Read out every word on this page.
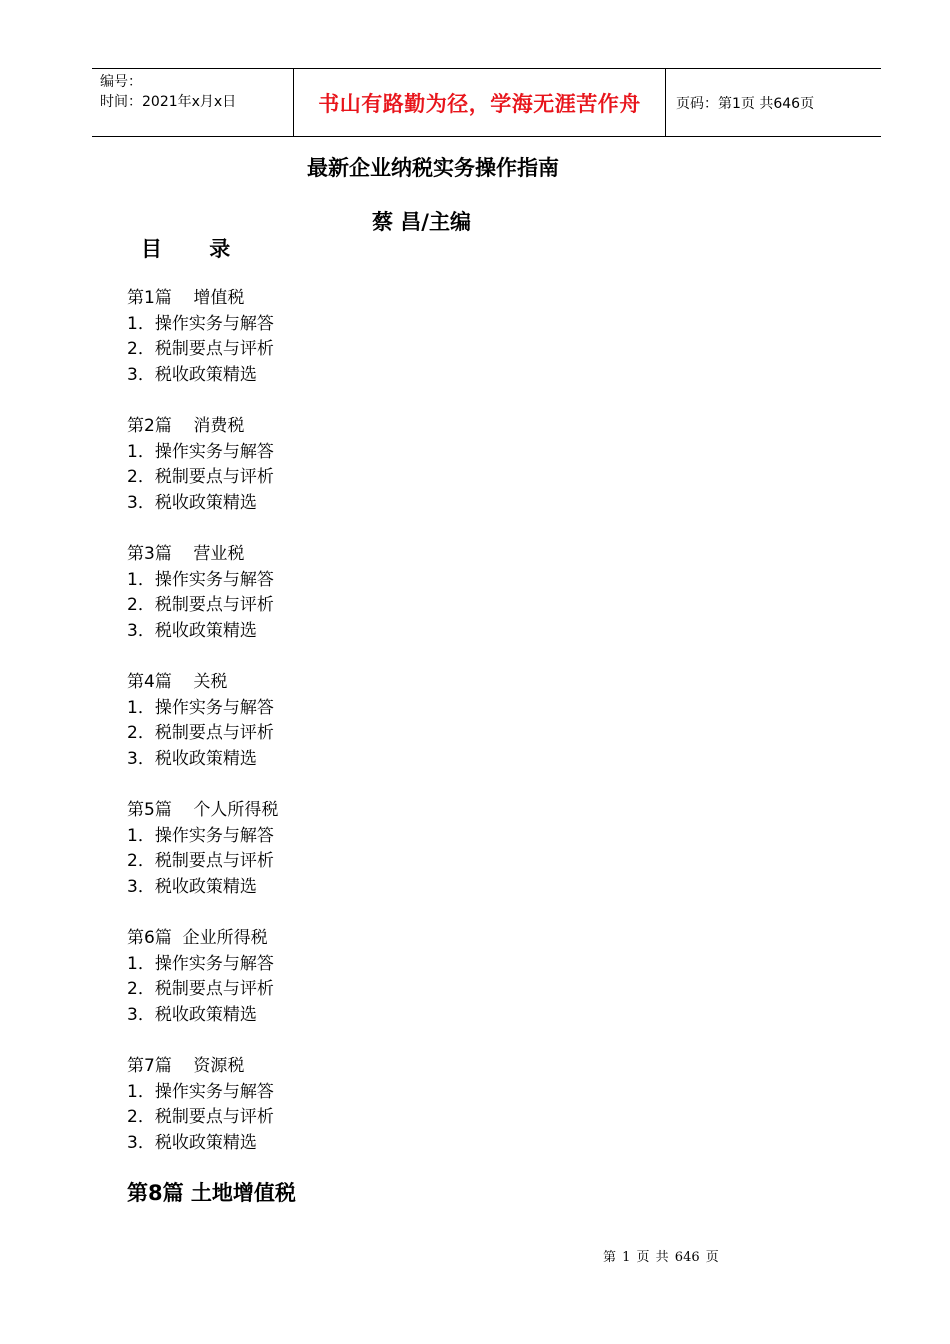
编号：
时间：2021年x月x日	书山有路勤为径，学海无涯苦作舟	页码：第1页 共646页
最新企业纳税实务操作指南
蔡 昌/主编
目 录
第1篇    增值税
1．操作实务与解答
2．税制要点与评析
3．税收政策精选
第2篇    消费税
1．操作实务与解答
2．税制要点与评析
3．税收政策精选
第3篇    营业税
1．操作实务与解答
2．税制要点与评析
3．税收政策精选
第4篇    关税
1．操作实务与解答
2．税制要点与评析
3．税收政策精选
第5篇    个人所得税
1．操作实务与解答
2．税制要点与评析
3．税收政策精选
第6篇  企业所得税
1．操作实务与解答
2．税制要点与评析
3．税收政策精选
第7篇    资源税
1．操作实务与解答
2．税制要点与评析
3．税收政策精选
第8篇 土地增值税
第 1 页 共 646 页
